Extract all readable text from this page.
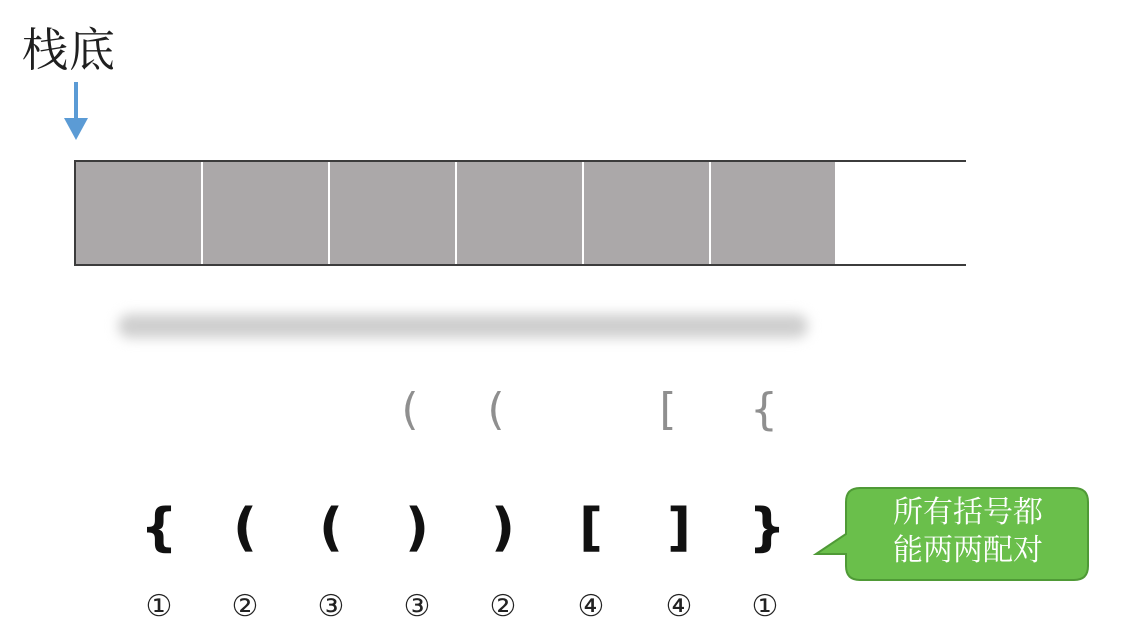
栈底
( (	[ {
{ ( ( ) ) [ ] }
① ② ③ ③ ② ④ ④ ①
所有括号都
能两两配对
